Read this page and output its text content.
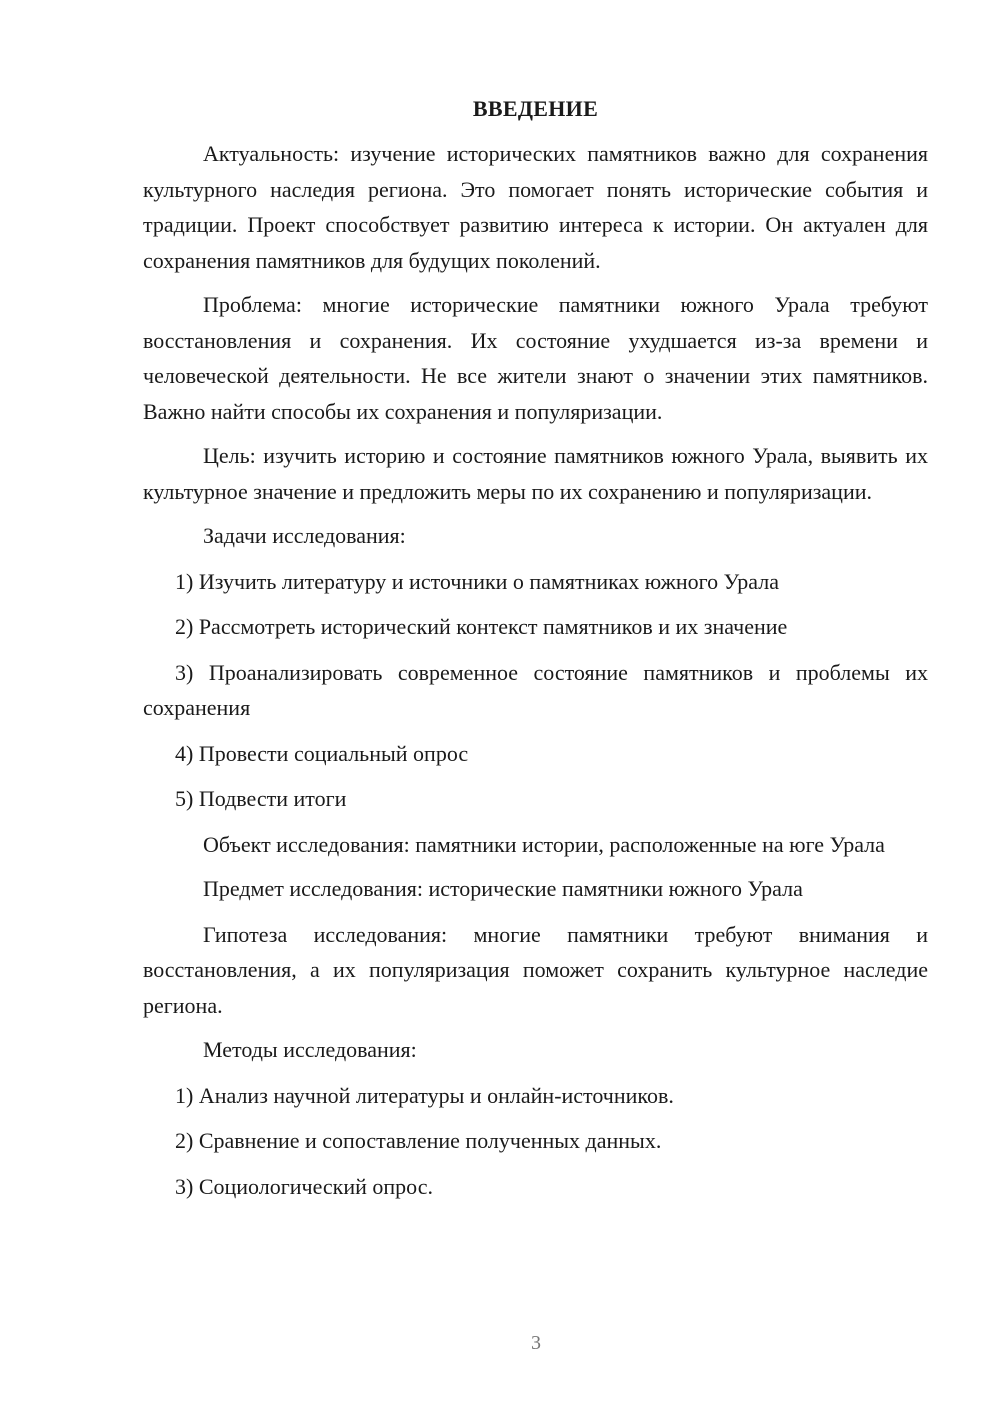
ВВЕДЕНИЕ

Актуальность: изучение исторических памятников важно для сохранения культурного наследия региона. Это помогает понять исторические события и традиции. Проект способствует развитию интереса к истории. Он актуален для сохранения памятников для будущих поколений.

Проблема: многие исторические памятники южного Урала требуют восстановления и сохранения. Их состояние ухудшается из-за времени и человеческой деятельности. Не все жители знают о значении этих памятников. Важно найти способы их сохранения и популяризации.

Цель: изучить историю и состояние памятников южного Урала, выявить их культурное значение и предложить меры по их сохранению и популяризации.

Задачи исследования:

1) Изучить литературу и источники о памятниках южного Урала

2) Рассмотреть исторический контекст памятников и их значение

3) Проанализировать современное состояние памятников и проблемы их сохранения

4) Провести социальный опрос

5) Подвести итоги

Объект исследования: памятники истории, расположенные на юге Урала

Предмет исследования: исторические памятники южного Урала

Гипотеза исследования: многие памятники требуют внимания и восстановления, а их популяризация поможет сохранить культурное наследие региона.

Методы исследования:

1) Анализ научной литературы и онлайн-источников.

2) Сравнение и сопоставление полученных данных.

3) Социологический опрос.

3
